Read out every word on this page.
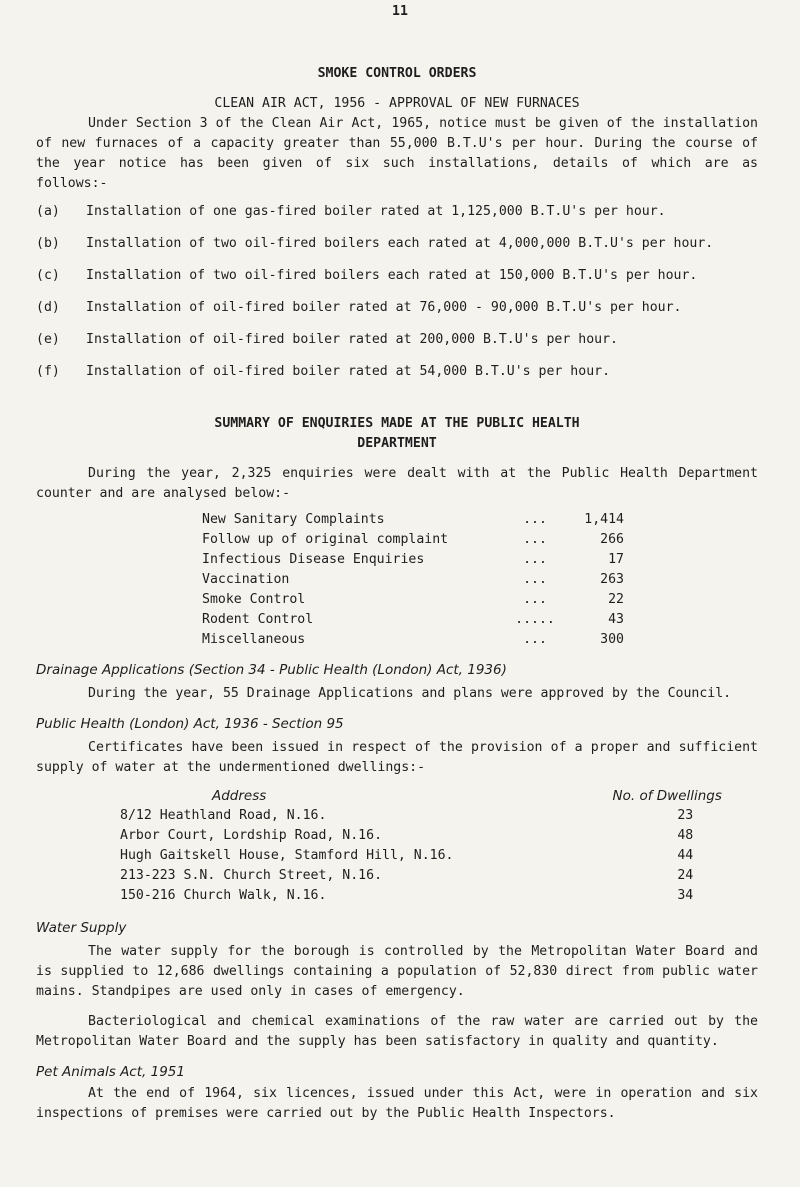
11

SMOKE CONTROL ORDERS

CLEAN AIR ACT, 1956 - APPROVAL OF NEW FURNACES

Under Section 3 of the Clean Air Act, 1965, notice must be given of the installation of new furnaces of a capacity greater than 55,000 B.T.U's per hour. During the course of the year notice has been given of six such installations, details of which are as follows:-

(a)	Installation of one gas-fired boiler rated at 1,125,000 B.T.U's per hour.
(b)	Installation of two oil-fired boilers each rated at 4,000,000 B.T.U's per hour.
(c)	Installation of two oil-fired boilers each rated at 150,000 B.T.U's per hour.
(d)	Installation of oil-fired boiler rated at 76,000 - 90,000 B.T.U's per hour.
(e)	Installation of oil-fired boiler rated at 200,000 B.T.U's per hour.
(f)	Installation of oil-fired boiler rated at 54,000 B.T.U's per hour.

SUMMARY OF ENQUIRIES MADE AT THE PUBLIC HEALTH

DEPARTMENT

During the year, 2,325 enquiries were dealt with at the Public Health Department counter and are analysed below:-

New Sanitary Complaints	...	1,414
Follow up of original complaint	...	266
Infectious Disease Enquiries	...	17
Vaccination	...	263
Smoke Control	...	22
Rodent Control	.....	43
Miscellaneous	...	300

Drainage Applications (Section 34 - Public Health (London) Act, 1936)

During the year, 55 Drainage Applications and plans were approved by the Council.

Public Health (London) Act, 1936 - Section 95

Certificates have been issued in respect of the provision of a proper and sufficient supply of water at the undermentioned dwellings:-

Address	No. of Dwellings
8/12 Heathland Road, N.16.	23
Arbor Court, Lordship Road, N.16.	48
Hugh Gaitskell House, Stamford Hill, N.16.	44
213-223 S.N. Church Street, N.16.	24
150-216 Church Walk, N.16.	34

Water Supply

The water supply for the borough is controlled by the Metropolitan Water Board and is supplied to 12,686 dwellings containing a population of 52,830 direct from public water mains. Standpipes are used only in cases of emergency.

Bacteriological and chemical examinations of the raw water are carried out by the Metropolitan Water Board and the supply has been satisfactory in quality and quantity.

Pet Animals Act, 1951

At the end of 1964, six licences, issued under this Act, were in operation and six inspections of premises were carried out by the Public Health Inspectors.
